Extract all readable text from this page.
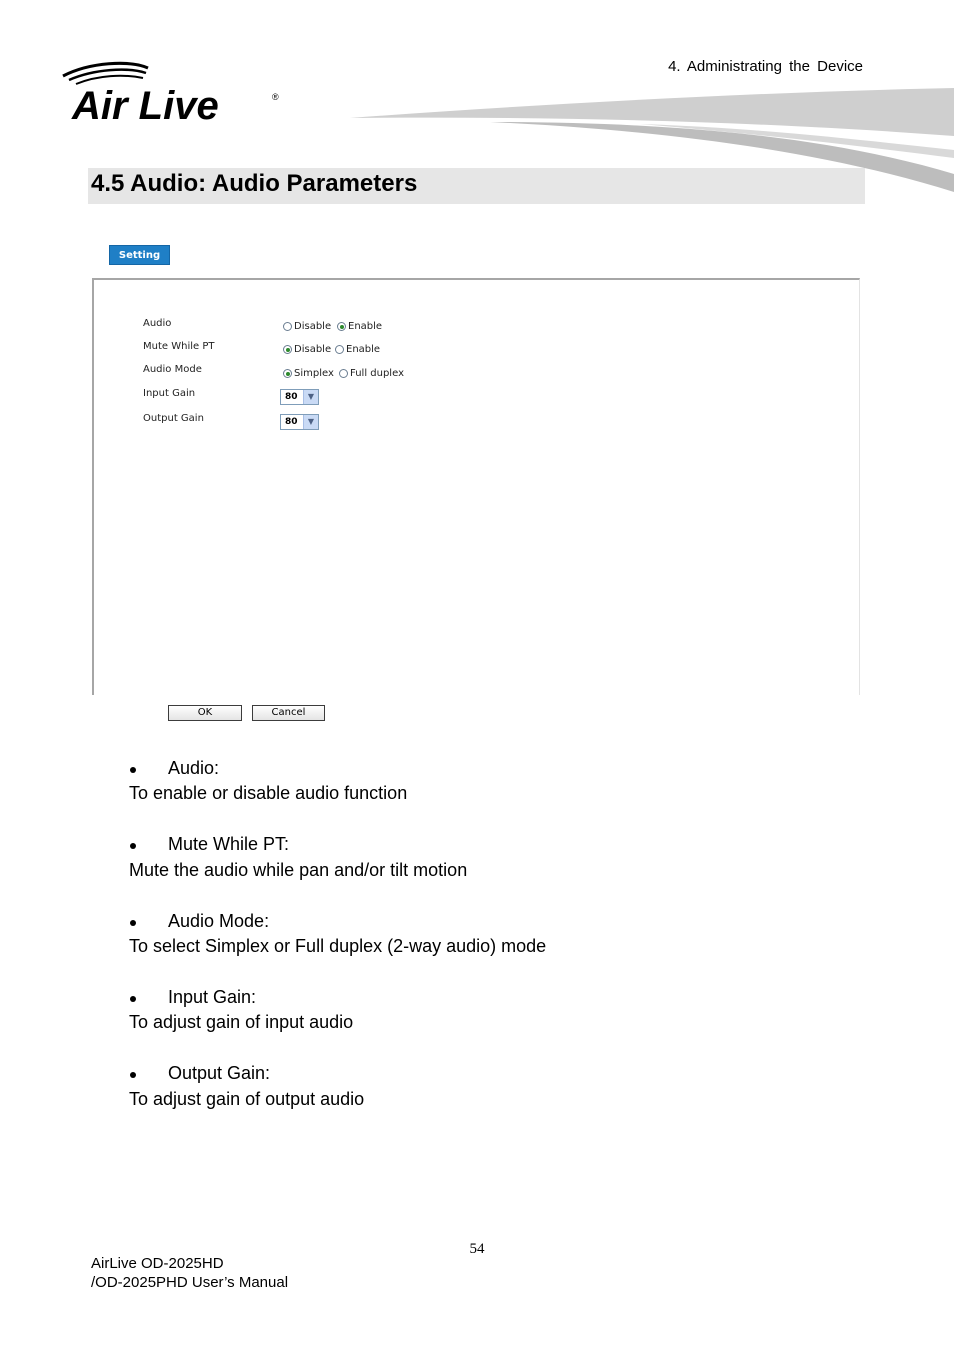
4. Administrating the Device
Air Live	®
4.5 Audio: Audio Parameters
Setting
Audio	Disable Enable
Mute While PT	Disable Enable
Audio Mode	Simplex Full duplex
Input Gain	80	▼
Output Gain	80	▼
OK	Cancel
Audio:
To enable or disable audio function
Mute While PT:
Mute the audio while pan and/or tilt motion
Audio Mode:
To select Simplex or Full duplex (2-way audio) mode
Input Gain:
To adjust gain of input audio
Output Gain:
To adjust gain of output audio
54
AirLive OD-2025HD
/OD-2025PHD User’s Manual
